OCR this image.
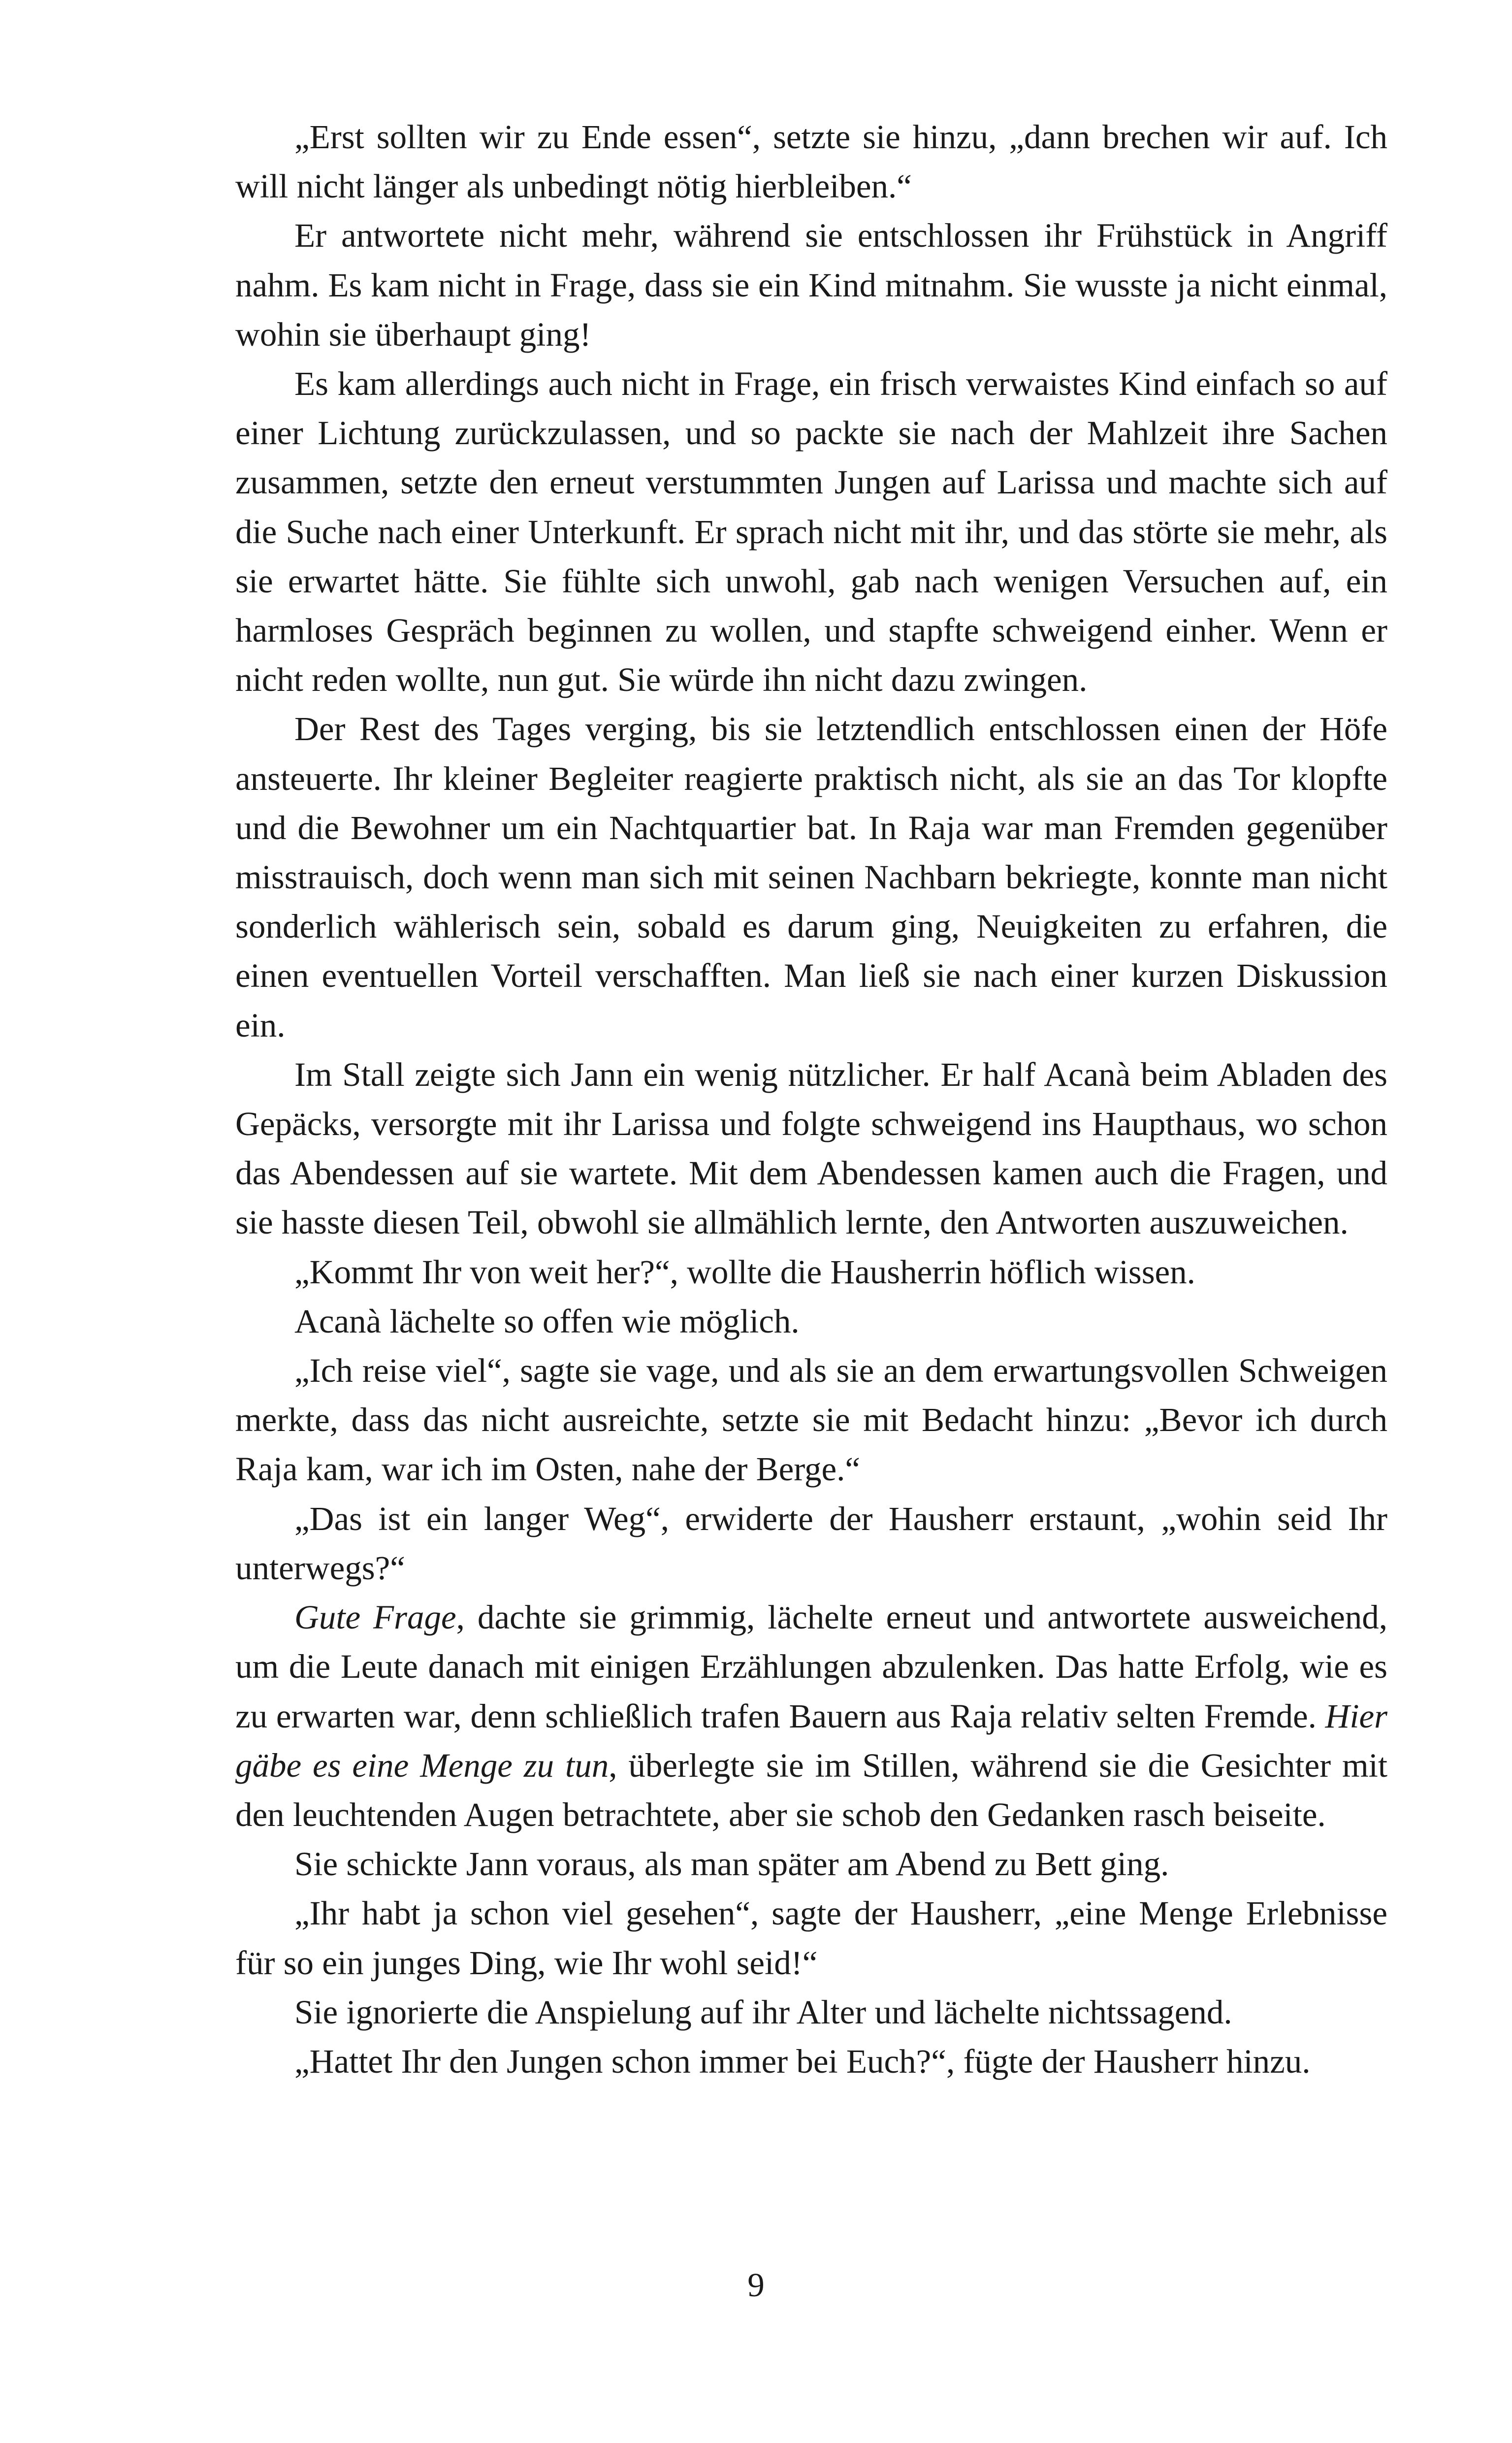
„Erst sollten wir zu Ende essen“, setzte sie hinzu, „dann brechen wir auf. Ich will nicht länger als unbedingt nötig hierbleiben.“

Er antwortete nicht mehr, während sie entschlossen ihr Frühstück in Angriff nahm. Es kam nicht in Frage, dass sie ein Kind mitnahm. Sie wusste ja nicht einmal, wohin sie überhaupt ging!

Es kam allerdings auch nicht in Frage, ein frisch verwaistes Kind einfach so auf einer Lichtung zurückzulassen, und so packte sie nach der Mahlzeit ihre Sachen zusammen, setzte den erneut verstummten Jungen auf Larissa und machte sich auf die Suche nach einer Unterkunft. Er sprach nicht mit ihr, und das störte sie mehr, als sie erwartet hätte. Sie fühlte sich unwohl, gab nach wenigen Versuchen auf, ein harmloses Gespräch beginnen zu wollen, und stapfte schweigend einher. Wenn er nicht reden wollte, nun gut. Sie würde ihn nicht dazu zwingen.

Der Rest des Tages verging, bis sie letztendlich entschlossen einen der Höfe ansteuerte. Ihr kleiner Begleiter reagierte praktisch nicht, als sie an das Tor klopfte und die Bewohner um ein Nachtquartier bat. In Raja war man Fremden gegenüber misstrauisch, doch wenn man sich mit seinen Nachbarn bekriegte, konnte man nicht sonderlich wählerisch sein, sobald es darum ging, Neuigkeiten zu erfahren, die einen eventuellen Vorteil verschafften. Man ließ sie nach einer kurzen Diskussion ein.

Im Stall zeigte sich Jann ein wenig nützlicher. Er half Acanà beim Abladen des Gepäcks, versorgte mit ihr Larissa und folgte schweigend ins Haupthaus, wo schon das Abendessen auf sie wartete. Mit dem Abendessen kamen auch die Fragen, und sie hasste diesen Teil, obwohl sie allmählich lernte, den Antworten auszuweichen.

„Kommt Ihr von weit her?“, wollte die Hausherrin höflich wissen.

Acanà lächelte so offen wie möglich.

„Ich reise viel“, sagte sie vage, und als sie an dem erwartungsvollen Schweigen merkte, dass das nicht ausreichte, setzte sie mit Bedacht hinzu: „Bevor ich durch Raja kam, war ich im Osten, nahe der Berge.“

„Das ist ein langer Weg“, erwiderte der Hausherr erstaunt, „wohin seid Ihr unterwegs?“

Gute Frage, dachte sie grimmig, lächelte erneut und antwortete ausweichend, um die Leute danach mit einigen Erzählungen abzulenken. Das hatte Erfolg, wie es zu erwarten war, denn schließlich trafen Bauern aus Raja relativ selten Fremde. Hier gäbe es eine Menge zu tun, überlegte sie im Stillen, während sie die Gesichter mit den leuchtenden Augen betrachtete, aber sie schob den Gedanken rasch beiseite.

Sie schickte Jann voraus, als man später am Abend zu Bett ging.

„Ihr habt ja schon viel gesehen“, sagte der Hausherr, „eine Menge Erlebnisse für so ein junges Ding, wie Ihr wohl seid!“

Sie ignorierte die Anspielung auf ihr Alter und lächelte nichtssagend.

„Hattet Ihr den Jungen schon immer bei Euch?“, fügte der Hausherr hinzu.

9
